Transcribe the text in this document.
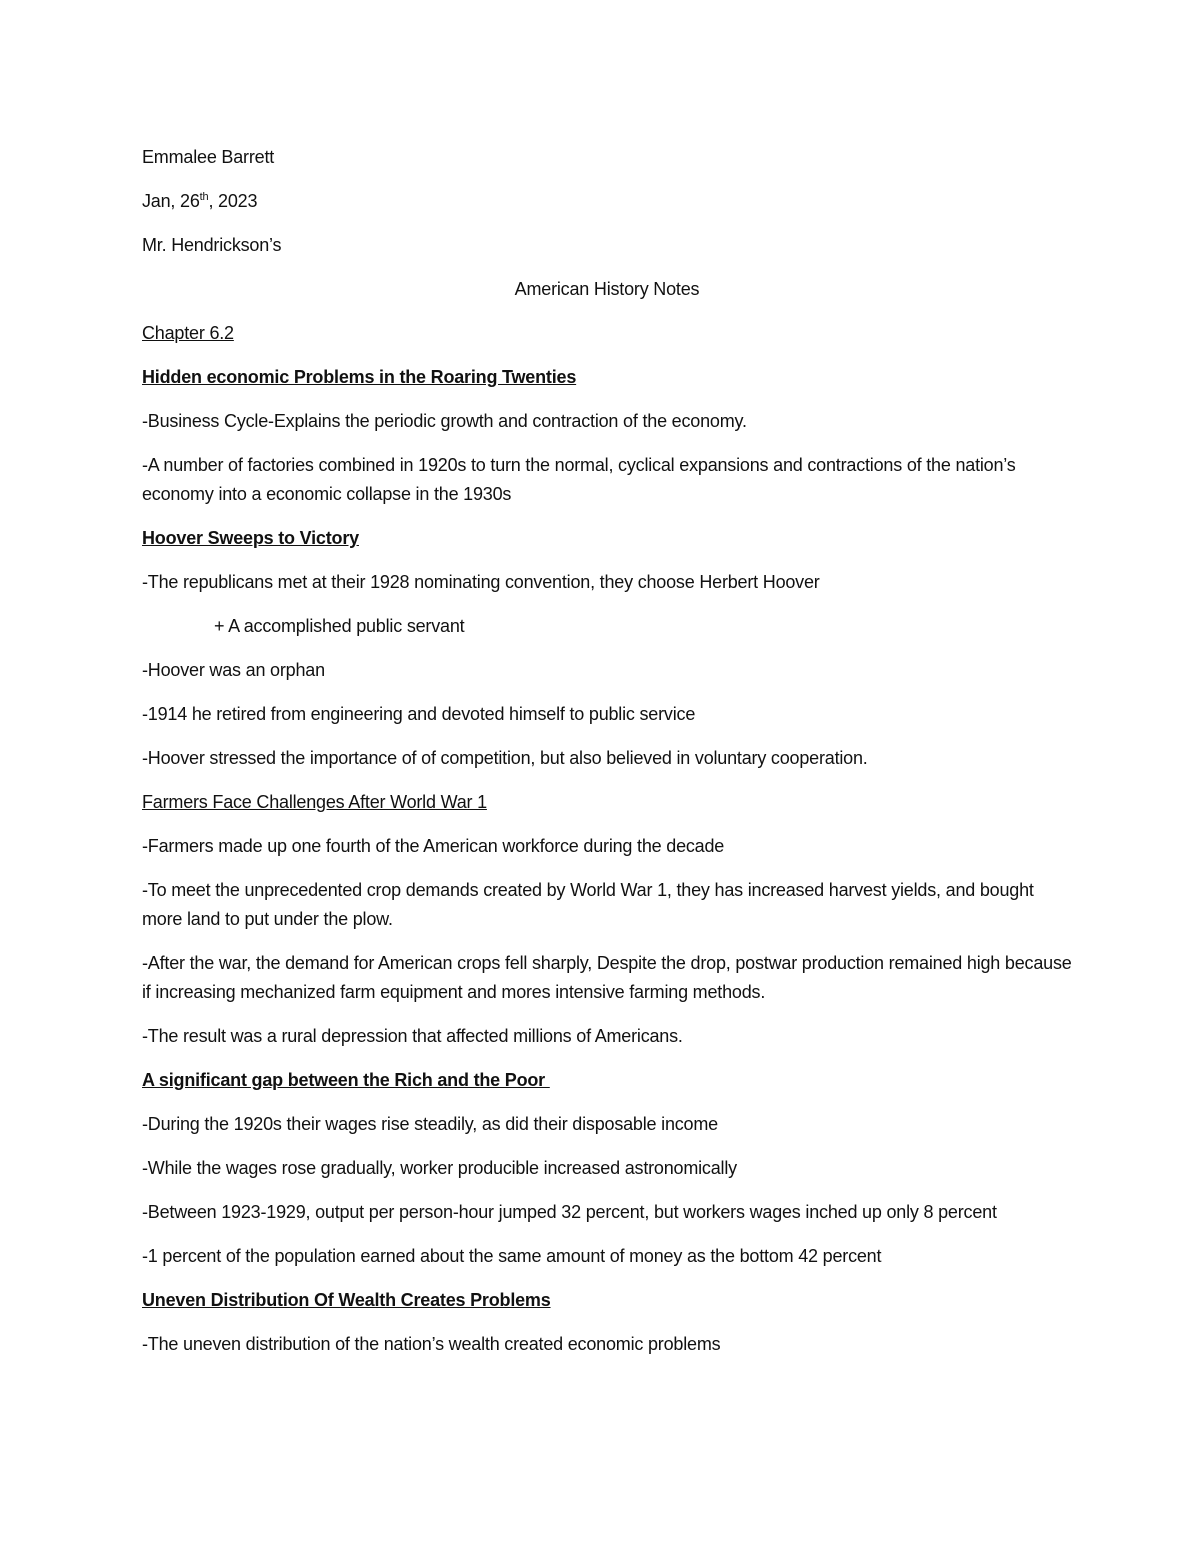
Emmalee Barrett
Jan, 26th, 2023
Mr. Hendrickson’s
American History Notes
Chapter 6.2
Hidden economic Problems in the Roaring Twenties
-Business Cycle-Explains the periodic growth and contraction of the economy.
-A number of factories combined in 1920s to turn the normal, cyclical expansions and contractions of the nation’s economy into a economic collapse in the 1930s
Hoover Sweeps to Victory
-The republicans met at their 1928 nominating convention, they choose Herbert Hoover
+ A accomplished public servant
-Hoover was an orphan
-1914 he retired from engineering and devoted himself to public service
-Hoover stressed the importance of of competition, but also believed in voluntary cooperation.
Farmers Face Challenges After World War 1
-Farmers made up one fourth of the American workforce during the decade
-To meet the unprecedented crop demands created by World War 1, they has increased harvest yields, and bought more land to put under the plow.
-After the war, the demand for American crops fell sharply, Despite the drop, postwar production remained high because if increasing mechanized farm equipment and mores intensive farming methods.
-The result was a rural depression that affected millions of Americans.
A significant gap between the Rich and the Poor
-During the 1920s their wages rise steadily, as did their disposable income
-While the wages rose gradually, worker producible increased astronomically
-Between 1923-1929, output per person-hour jumped 32 percent, but workers wages inched up only 8 percent
-1 percent of the population earned about the same amount of money as the bottom 42 percent
Uneven Distribution Of Wealth Creates Problems
-The uneven distribution of the nation’s wealth created economic problems
